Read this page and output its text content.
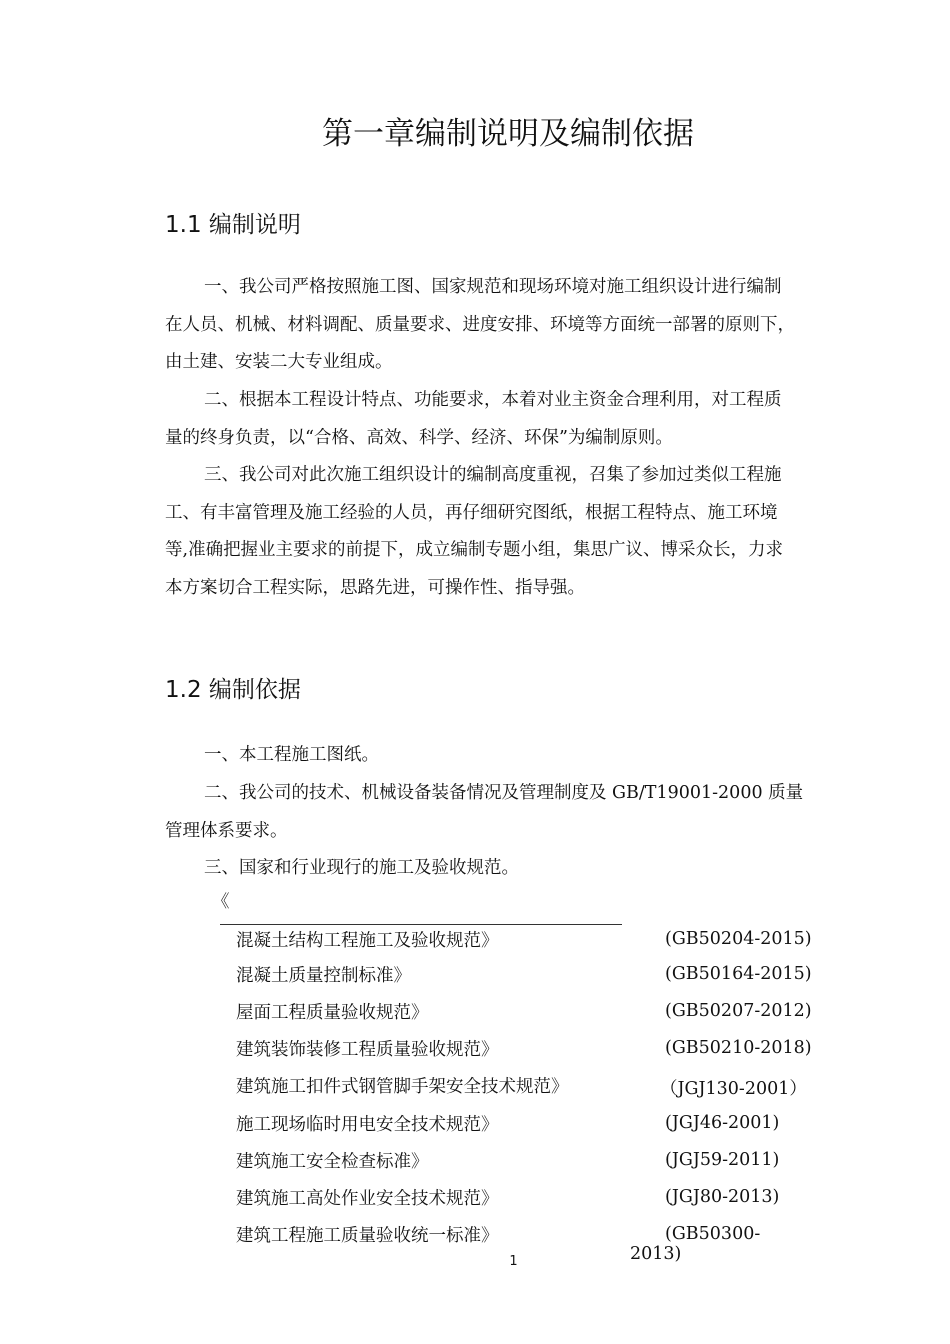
第一章编制说明及编制依据
1.1 编制说明
一、我公司严格按照施工图、国家规范和现场环境对施工组织设计进行编制
在人员、机械、材料调配、质量要求、进度安排、环境等方面统一部署的原则下，
由土建、安装二大专业组成。
二、根据本工程设计特点、功能要求，本着对业主资金合理利用，对工程质
量的终身负责，以“合格、高效、科学、经济、环保”为编制原则。
三、我公司对此次施工组织设计的编制高度重视，召集了参加过类似工程施
工、有丰富管理及施工经验的人员，再仔细研究图纸，根据工程特点、施工环境
等,准确把握业主要求的前提下，成立编制专题小组，集思广议、博采众长，力求
本方案切合工程实际，思路先进，可操作性、指导强。
1.2 编制依据
一、本工程施工图纸。
二、我公司的技术、机械设备装备情况及管理制度及 GB/T19001-2000 质量
管理体系要求。
三、国家和行业现行的施工及验收规范。
《
混凝土结构工程施工及验收规范》	(GB50204-2015)
混凝土质量控制标准》	(GB50164-2015)
屋面工程质量验收规范》	(GB50207-2012)
建筑装饰装修工程质量验收规范》	(GB50210-2018)
建筑施工扣件式钢管脚手架安全技术规范》	（JGJ130-2001）
施工现场临时用电安全技术规范》	(JGJ46-2001)
建筑施工安全检查标准》	(JGJ59-2011)
建筑施工高处作业安全技术规范》	(JGJ80-2013)
建筑工程施工质量验收统一标准》	(GB50300-
2013)
1
